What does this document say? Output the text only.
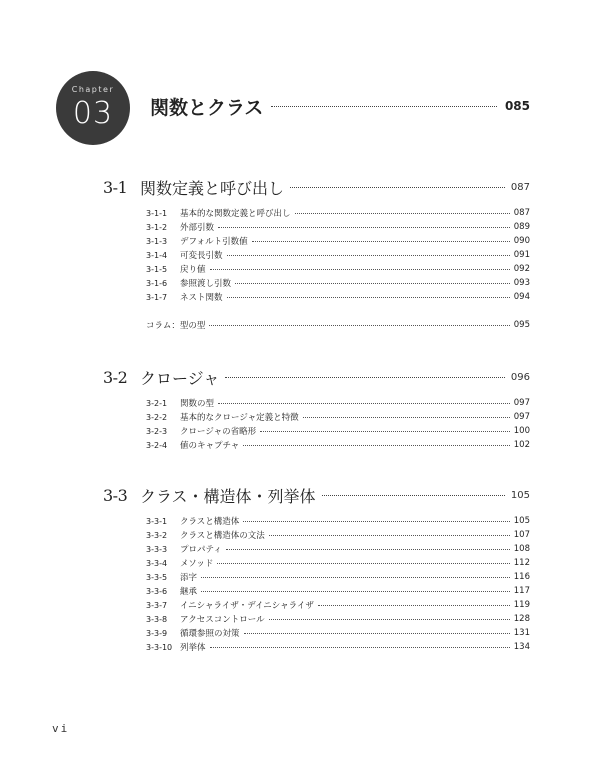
Chapter
03	関数とクラス	085
3-1 関数定義と呼び出し	087
3-1-1	基本的な関数定義と呼び出し	087
3-1-2	外部引数	089
3-1-3	デフォルト引数値	090
3-1-4	可変長引数	091
3-1-5	戻り値	092
3-1-6	参照渡し引数	093
3-1-7	ネスト関数	094
コラム：型の型	095
3-2 クロージャ	096
3-2-1	関数の型	097
3-2-2	基本的なクロージャ定義と特徴	097
3-2-3	クロージャの省略形	100
3-2-4	値のキャプチャ	102
3-3 クラス・構造体・列挙体	105
3-3-1	クラスと構造体	105
3-3-2	クラスと構造体の文法	107
3-3-3	プロパティ	108
3-3-4	メソッド	112
3-3-5	添字	116
3-3-6	継承	117
3-3-7	イニシャライザ・デイニシャライザ	119
3-3-8	アクセスコントロール	128
3-3-9	循環参照の対策	131
3-3-10 列挙体	134
vi
